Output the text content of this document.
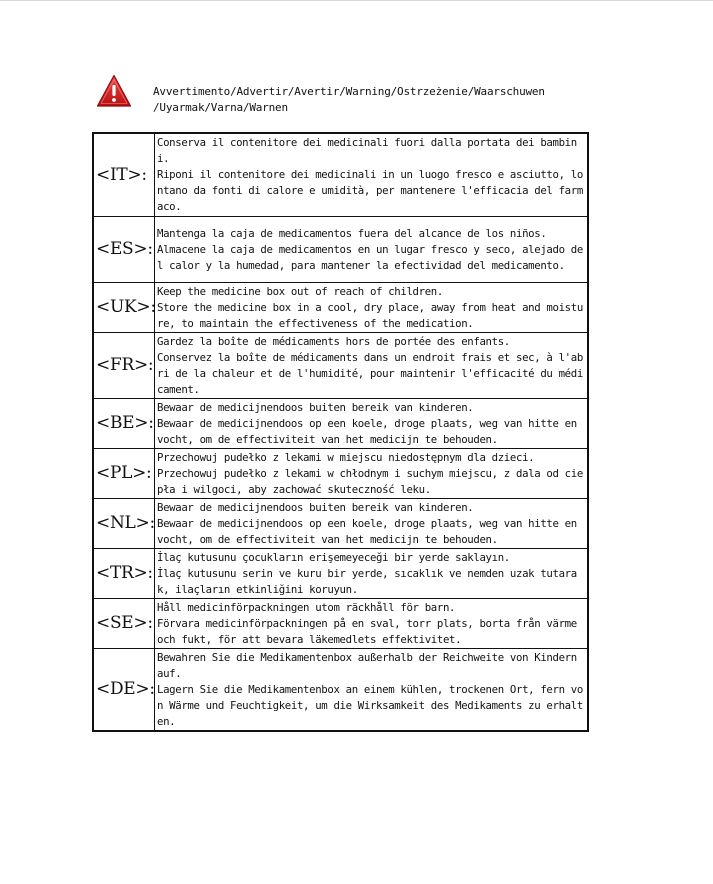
Avvertimento/Advertir/Avertir/Warning/Ostrzeżenie/Waarschuwen
/Uyarmak/Varna/Warnen
<IT>:	Conserva il contenitore dei medicinali fuori dalla portata dei bambini.
Riponi il contenitore dei medicinali in un luogo fresco e asciutto, lontano da fonti di calore e umidità, per mantenere l'efficacia del farmaco.

<ES>:	Mantenga la caja de medicamentos fuera del alcance de los niños.
Almacene la caja de medicamentos en un lugar fresco y seco, alejado del calor y la humedad, para mantener la efectividad del medicamento.

<UK>:	Keep the medicine box out of reach of children.
Store the medicine box in a cool, dry place, away from heat and moisture, to maintain the effectiveness of the medication.

<FR>:	Gardez la boîte de médicaments hors de portée des enfants.
Conservez la boîte de médicaments dans un endroit frais et sec, à l'abri de la chaleur et de l'humidité, pour maintenir l'efficacité du médicament.

<BE>:	Bewaar de medicijnendoos buiten bereik van kinderen.
Bewaar de medicijnendoos op een koele, droge plaats, weg van hitte en vocht, om de effectiviteit van het medicijn te behouden.

<PL>:	Przechowuj pudełko z lekami w miejscu niedostępnym dla dzieci.
Przechowuj pudełko z lekami w chłodnym i suchym miejscu, z dala od ciepła i wilgoci, aby zachować skuteczność leku.

<NL>:	Bewaar de medicijnendoos buiten bereik van kinderen.
Bewaar de medicijnendoos op een koele, droge plaats, weg van hitte en vocht, om de effectiviteit van het medicijn te behouden.

<TR>:	İlaç kutusunu çocukların erişemeyeceği bir yerde saklayın.
İlaç kutusunu serin ve kuru bir yerde, sıcaklık ve nemden uzak tutarak, ilaçların etkinliğini koruyun.

<SE>:	Håll medicinförpackningen utom räckhåll för barn.
Förvara medicinförpackningen på en sval, torr plats, borta från värme och fukt, för att bevara läkemedlets effektivitet.

<DE>:	Bewahren Sie die Medikamentenbox außerhalb der Reichweite von Kindern auf.
Lagern Sie die Medikamentenbox an einem kühlen, trockenen Ort, fern von Wärme und Feuchtigkeit, um die Wirksamkeit des Medikaments zu erhalten.
